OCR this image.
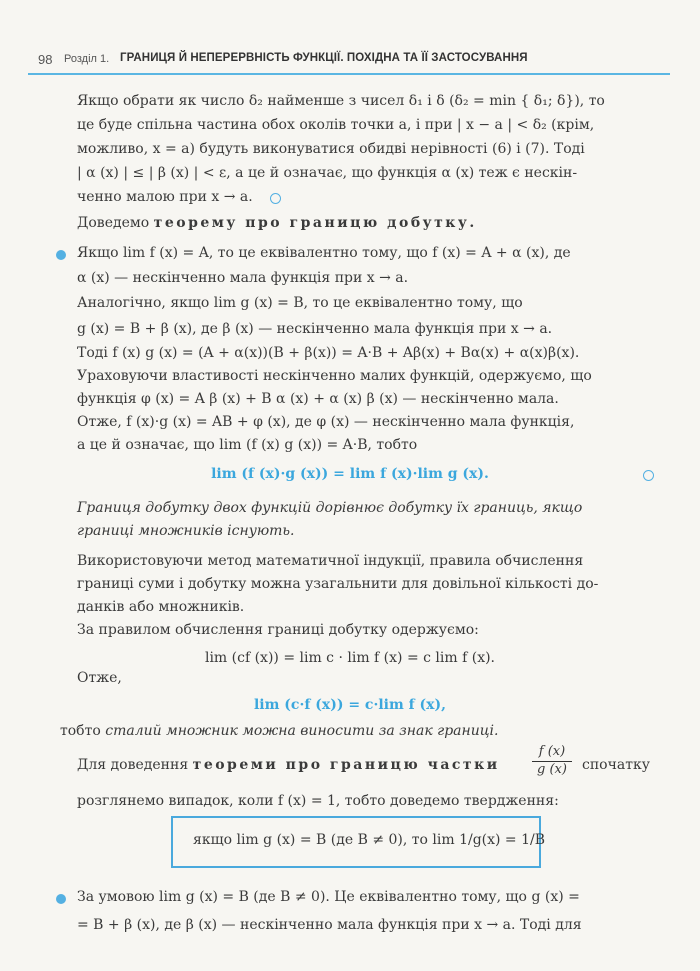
98 Розділ 1. ГРАНИЦЯ Й НЕПЕРЕРВНІСТЬ ФУНКЦІЇ. ПОХІДНА ТА ЇЇ ЗАСТОСУВАННЯ
Якщо обрати як число δ₂ найменше з чисел δ₁ і δ (δ₂ = min { δ₁; δ}), то
це буде спільна частина обох околів точки a, і при | x − a | < δ₂ (крім,
можливо, x = a) будуть виконуватися обидві нерівності (6) і (7). Тоді
| α (x) | ≤ | β (x) | < ε, а це й означає, що функція α (x) теж є нескін-
ченно малою при x → a.
Доведемо теорему про границю добутку.
Якщо lim f (x) = A, то це еквівалентно тому, що f (x) = A + α (x), де
α (x) — нескінченно мала функція при x → a.
Аналогічно, якщо lim g (x) = B, то це еквівалентно тому, що
g (x) = B + β (x), де β (x) — нескінченно мала функція при x → a.
Тоді f (x) g (x) = (A + α(x))(B + β(x)) = A·B + Aβ(x) + Bα(x) + α(x)β(x).
Ураховуючи властивості нескінченно малих функцій, одержуємо, що
функція φ (x) = A β (x) + B α (x) + α (x) β (x) — нескінченно мала.
Отже, f (x)·g (x) = AB + φ (x), де φ (x) — нескінченно мала функція,
а це й означає, що lim (f (x) g (x)) = A·B, тобто
lim (f (x)·g (x)) = lim f (x)·lim g (x).
Границя добутку двох функцій дорівнює добутку їх границь, якщо
границі множників існують.
Використовуючи метод математичної індукції, правила обчислення
границі суми і добутку можна узагальнити для довільної кількості до-
данків або множників.
За правилом обчислення границі добутку одержуємо:
lim (cf (x)) = lim c · lim f (x) = c lim f (x).
Отже,
lim (c·f (x)) = c·lim f (x),
тобто сталий множник можна виносити за знак границі.
Для доведення теореми про границю частки $\frac{f (x)}{g (x)}$ спочатку
розглянемо випадок, коли f (x) = 1, тобто доведемо твердження:
якщо lim g (x) = B (де B ≠ 0), то lim 1/g(x) = 1/B
За умовою lim g (x) = B (де B ≠ 0). Це еквівалентно тому, що g (x) =
= B + β (x), де β (x) — нескінченно мала функція при x → a. Тоді для
